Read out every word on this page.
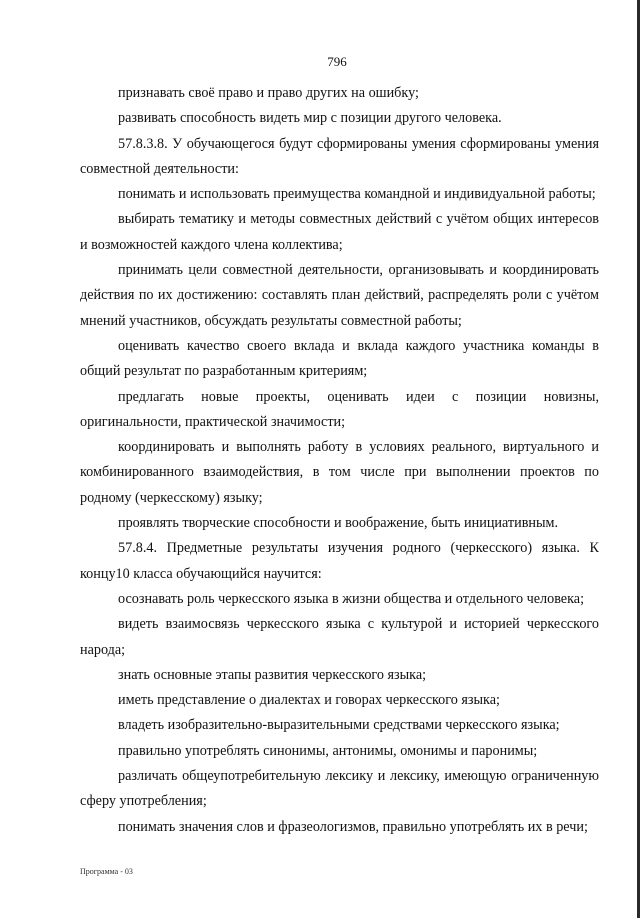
796

признавать своё право и право других на ошибку;

развивать способность видеть мир с позиции другого человека.

57.8.3.8. У обучающегося будут сформированы умения сформированы умения совместной деятельности:

понимать и использовать преимущества командной и индивидуальной работы;

выбирать тематику и методы совместных действий с учётом общих интересов и возможностей каждого члена коллектива;

принимать цели совместной деятельности, организовывать и координировать действия по их достижению: составлять план действий, распределять роли с учётом мнений участников, обсуждать результаты совместной работы;

оценивать качество своего вклада и вклада каждого участника команды в общий результат по разработанным критериям;

предлагать новые проекты, оценивать идеи с позиции новизны, оригинальности, практической значимости;

координировать и выполнять работу в условиях реального, виртуального и комбинированного взаимодействия, в том числе при выполнении проектов по родному (черкесскому) языку;

проявлять творческие способности и воображение, быть инициативным.

57.8.4. Предметные результаты изучения родного (черкесского) языка. К концу10 класса обучающийся научится:

осознавать роль черкесского языка в жизни общества и отдельного человека;

видеть взаимосвязь черкесского языка с культурой и историей черкесского народа;

знать основные этапы развития черкесского языка;

иметь представление о диалектах и говорах черкесского языка;

владеть изобразительно-выразительными средствами черкесского языка;

правильно употреблять синонимы, антонимы, омонимы и паронимы;

различать общеупотребительную лексику и лексику, имеющую ограниченную сферу употребления;

понимать значения слов и фразеологизмов, правильно употреблять их в речи;

Программа - 03
